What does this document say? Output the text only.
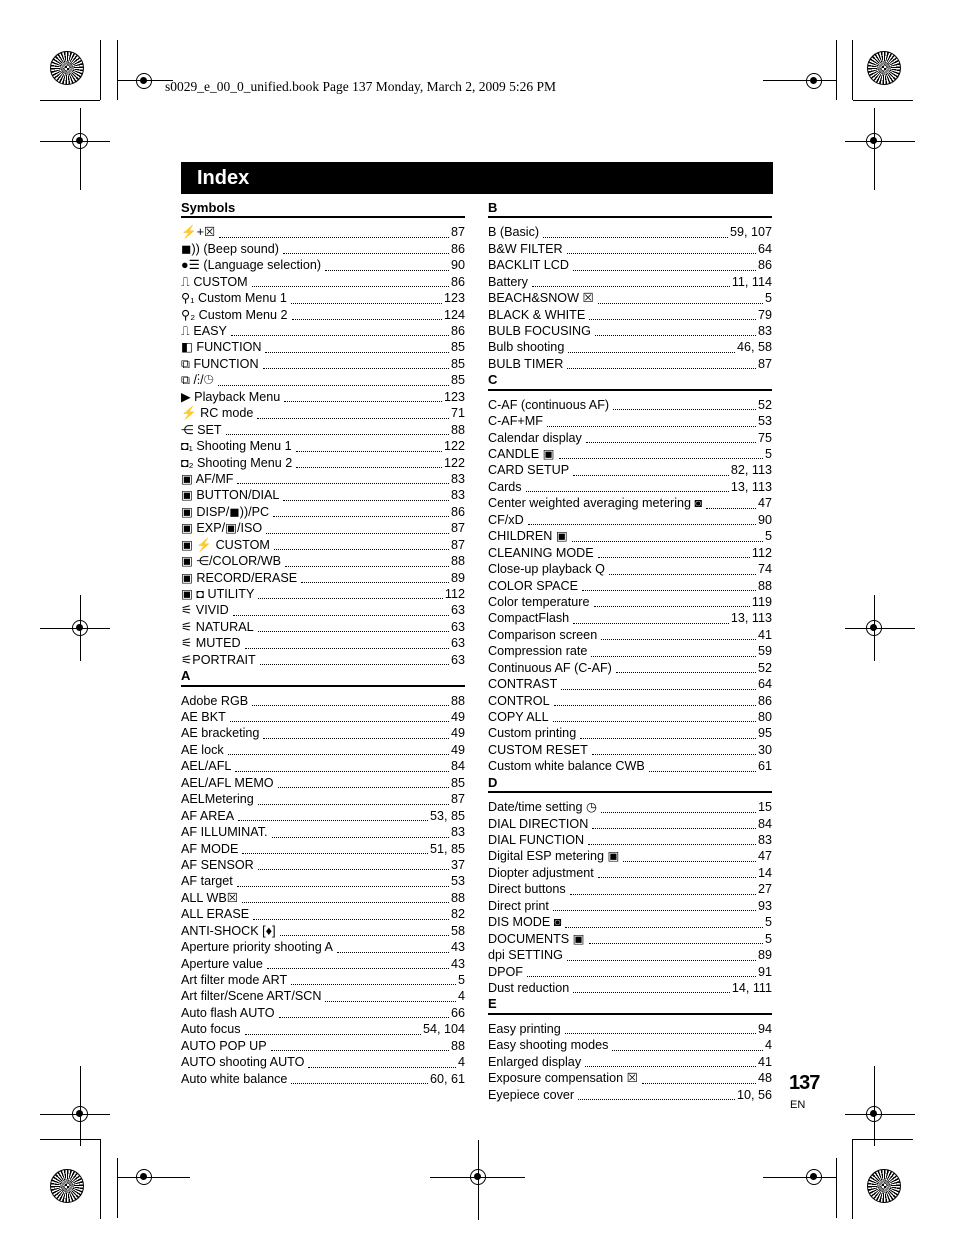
s0029_e_00_0_unified.book Page 137 Monday, March 2, 2009 5:26 PM
Index
Symbols
⚡+☒	87
◼)) (Beep sound)	86
●☰ (Language selection)	90
⎍ CUSTOM	86
⚲₁ Custom Menu 1	123
⚲₂ Custom Menu 2	124
⎍ EASY	86
◧ FUNCTION	85
⧉ FUNCTION	85
⧉ /⋮/◷	85
▶ Playback Menu	123
⚡ RC mode	71
⋲ SET	88
◘₁ Shooting Menu 1	122
◘₂ Shooting Menu 2	122
▣ AF/MF	83
▣ BUTTON/DIAL	83
▣ DISP/◼))/PC	86
▣ EXP/▣/ISO	87
▣ ⚡ CUSTOM	87
▣ ⋲/COLOR/WB	88
▣ RECORD/ERASE	89
▣ ◘ UTILITY	112
⚟ VIVID	63
⚟ NATURAL	63
⚟ MUTED	63
⚟PORTRAIT	63
A
Adobe RGB	88
AE BKT	49
AE bracketing	49
AE lock	49
AEL/AFL	84
AEL/AFL MEMO	85
AELMetering	87
AF AREA	53, 85
AF ILLUMINAT.	83
AF MODE	51, 85
AF SENSOR	37
AF target	53
ALL WB☒	88
ALL ERASE	82
ANTI-SHOCK [♦]	58
Aperture priority shooting A	43
Aperture value	43
Art filter mode ART	5
Art filter/Scene ART/SCN	4
Auto flash AUTO	66
Auto focus	54, 104
AUTO POP UP	88
AUTO shooting AUTO	4
Auto white balance	60, 61
B
B (Basic)	59, 107
B&W FILTER	64
BACKLIT LCD	86
Battery	11, 114
BEACH&SNOW ☒	5
BLACK & WHITE	79
BULB FOCUSING	83
Bulb shooting	46, 58
BULB TIMER	87
C
C-AF (continuous AF)	52
C-AF+MF	53
Calendar display	75
CANDLE ▣	5
CARD SETUP	82, 113
Cards	13, 113
Center weighted averaging metering ◙	47
CF/xD	90
CHILDREN ▣	5
CLEANING MODE	112
Close-up playback Q	74
COLOR SPACE	88
Color temperature	119
CompactFlash	13, 113
Comparison screen	41
Compression rate	59
Continuous AF (C-AF)	52
CONTRAST	64
CONTROL	86
COPY ALL	80
Custom printing	95
CUSTOM RESET	30
Custom white balance CWB	61
D
Date/time setting ◷	15
DIAL DIRECTION	84
DIAL FUNCTION	83
Digital ESP metering ▣	47
Diopter adjustment	14
Direct buttons	27
Direct print	93
DIS MODE ◙	5
DOCUMENTS ▣	5
dpi SETTING	89
DPOF	91
Dust reduction	14, 111
E
Easy printing	94
Easy shooting modes	4
Enlarged display	41
Exposure compensation ☒	48
Eyepiece cover	10, 56
137
EN
